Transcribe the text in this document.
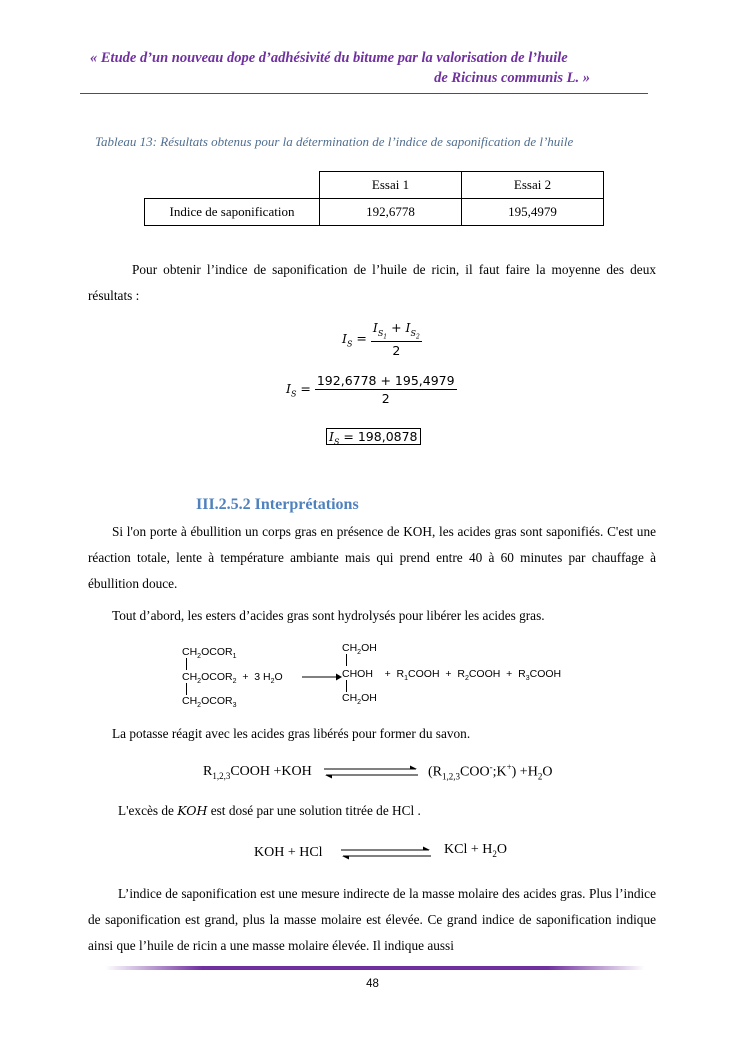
« Etude d’un nouveau dope d’adhésivité du bitume par la valorisation de l’huile
de Ricinus communis L. »
Tableau 13: Résultats obtenus pour la détermination de l’indice de saponification de l’huile
	Essai 1	Essai 2
Indice de saponification	192,6778	195,4979
Pour obtenir l’indice de saponification de l’huile de ricin, il faut faire la moyenne des deux résultats :
$I_S = \frac{I_{S_1} + I_{S_2}}{2}$
$I_S = \frac{192,6778 + 195,4979}{2}$
$I_S = 198,0878$
III.2.5.2 Interprétations
Si l'on porte à ébullition un corps gras en présence de KOH, les acides gras sont saponifiés. C'est une réaction totale, lente à température ambiante mais qui prend entre 40 à 60 minutes par chauffage à ébullition douce.
Tout d’abord, les esters d’acides gras sont hydrolysés pour libérer les acides gras.
$CH_2OCOR_1$
$CH_2OCOR_2 + 3$ $H_2O$
$CH_2OCOR_3$
$CH_2OH$
CHOH    +  $R_1COOH$  +  $R_2COOH$  +  $R_3COOH$
$CH_2OH$
La potasse réagit avec les acides gras libérés pour former du savon.
$R_{1,2,3}COOH +KOH$	$(R_{1,2,3}COO^-;K^+) +H_2O$
L'excès de KOH est dosé par une solution titrée de HCl .
KOH + HCl	KCl + $H_2O$
L’indice de saponification est une mesure indirecte de la masse molaire des acides gras. Plus l’indice de saponification est grand, plus la masse molaire est élevée. Ce grand indice de saponification indique ainsi que l’huile de ricin a une masse molaire élevée. Il indique aussi
48
